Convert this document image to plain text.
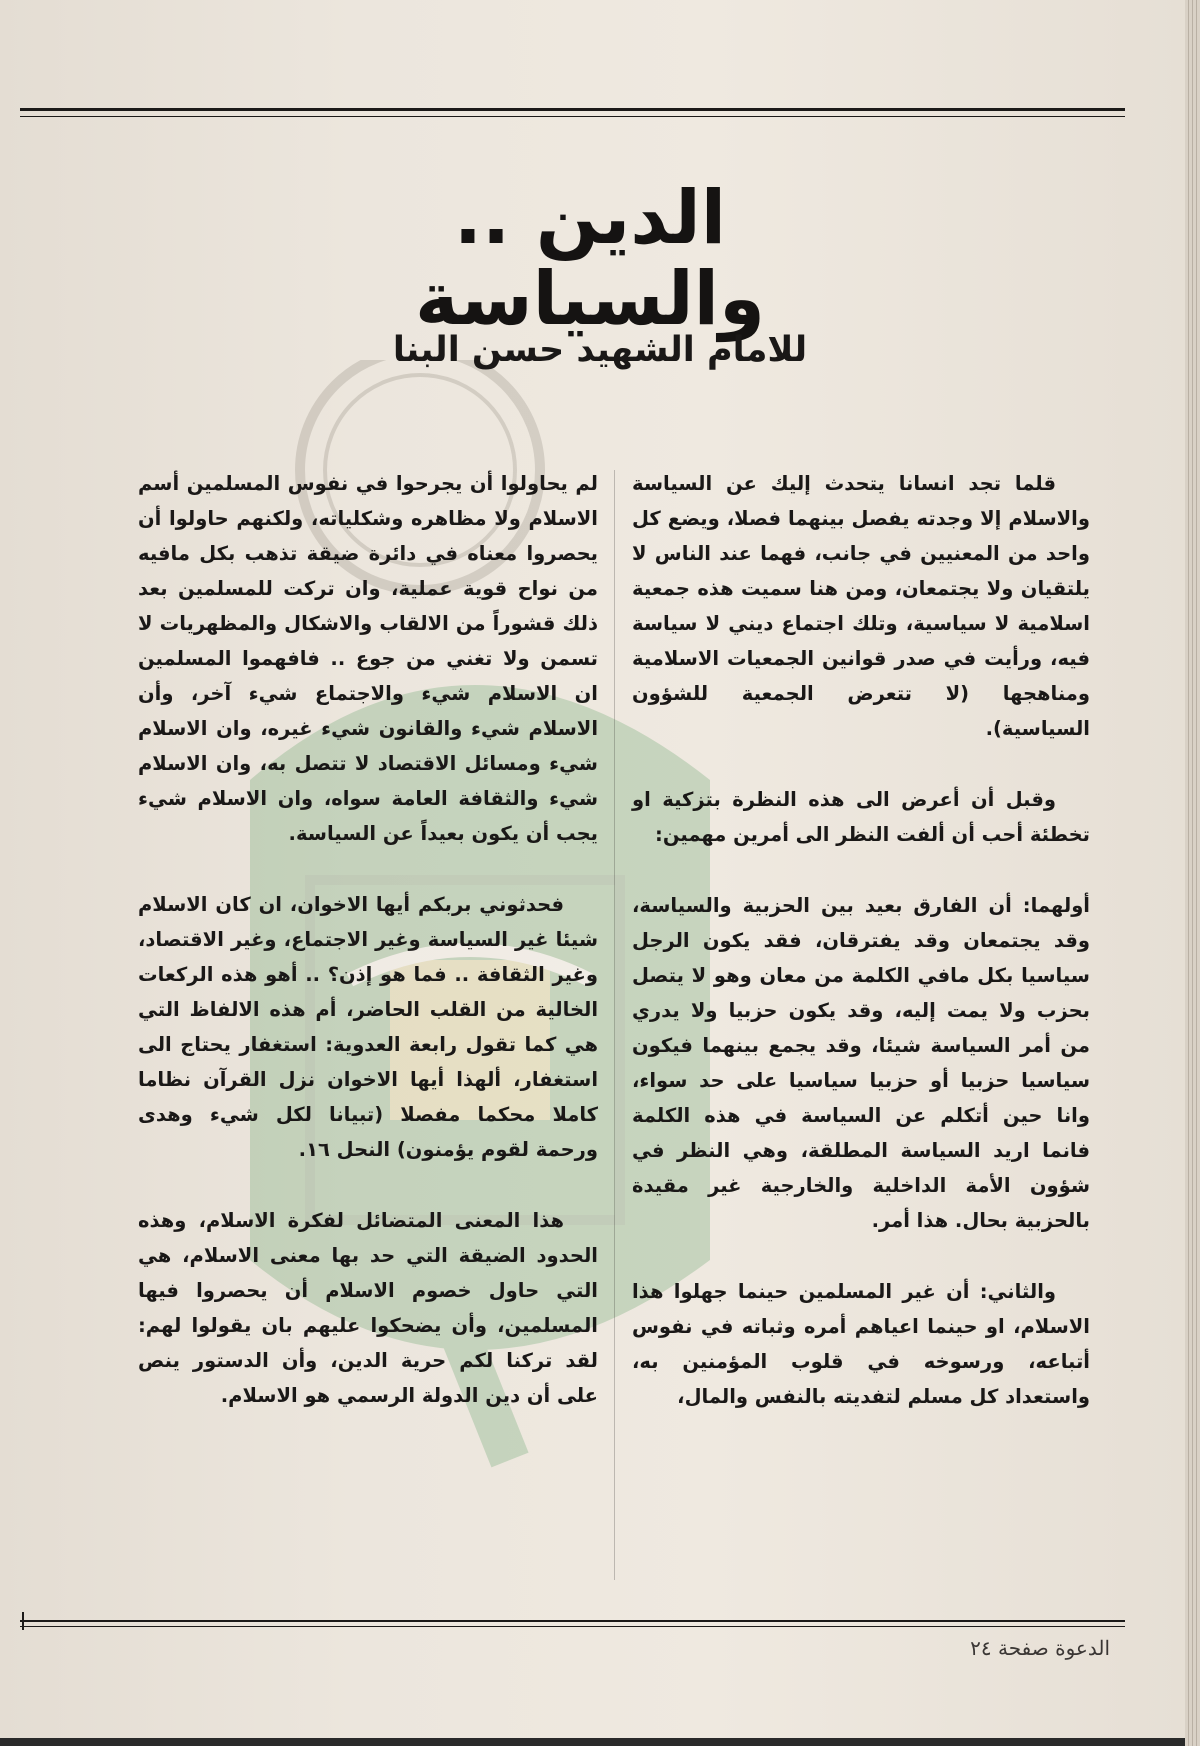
الدين .. والسياسة
للامام الشهيد حسن البنا

قلما تجد انسانا يتحدث إليك عن السياسة والاسلام إلا وجدته يفصل بينهما فصلا، ويضع كل واحد من المعنيين في جانب، فهما عند الناس لا يلتقيان ولا يجتمعان، ومن هنا سميت هذه جمعية اسلامية لا سياسية، وتلك اجتماع ديني لا سياسة فيه، ورأيت في صدر قوانين الجمعيات الاسلامية ومناهجها (لا تتعرض الجمعية للشؤون السياسية).

وقبل أن أعرض الى هذه النظرة بتزكية او تخطئة أحب أن ألفت النظر الى أمرين مهمين:

أولهما: أن الفارق بعيد بين الحزبية والسياسة، وقد يجتمعان وقد يفترقان، فقد يكون الرجل سياسيا بكل مافي الكلمة من معان وهو لا يتصل بحزب ولا يمت إليه، وقد يكون حزبيا ولا يدري من أمر السياسة شيئا، وقد يجمع بينهما فيكون سياسيا حزبيا أو حزبيا سياسيا على حد سواء، وانا حين أتكلم عن السياسة في هذه الكلمة فانما اريد السياسة المطلقة، وهي النظر في شؤون الأمة الداخلية والخارجية غير مقيدة بالحزبية بحال. هذا أمر.

والثاني: أن غير المسلمين حينما جهلوا هذا الاسلام، او حينما اعياهم أمره وثباته في نفوس أتباعه، ورسوخه في قلوب المؤمنين به، واستعداد كل مسلم لتفديته بالنفس والمال،

لم يحاولوا أن يجرحوا في نفوس المسلمين أسم الاسلام ولا مظاهره وشكلياته، ولكنهم حاولوا أن يحصروا معناه في دائرة ضيقة تذهب بكل مافيه من نواح قوية عملية، وان تركت للمسلمين بعد ذلك قشوراً من الالقاب والاشكال والمظهريات لا تسمن ولا تغني من جوع .. فافهموا المسلمين ان الاسلام شيء والاجتماع شيء آخر، وأن الاسلام شيء والقانون شيء غيره، وان الاسلام شيء ومسائل الاقتصاد لا تتصل به، وان الاسلام شيء والثقافة العامة سواه، وان الاسلام شيء يجب أن يكون بعيداً عن السياسة.

فحدثوني بربكم أيها الاخوان، ان كان الاسلام شيئا غير السياسة وغير الاجتماع، وغير الاقتصاد، وغير الثقافة .. فما هو إذن؟ .. أهو هذه الركعات الخالية من القلب الحاضر، أم هذه الالفاظ التي هي كما تقول رابعة العدوية: استغفار يحتاج الى استغفار، ألهذا أيها الاخوان نزل القرآن نظاما كاملا محكما مفصلا (تبيانا لكل شيء وهدى ورحمة لقوم يؤمنون) النحل ١٦.

هذا المعنى المتضائل لفكرة الاسلام، وهذه الحدود الضيقة التي حد بها معنى الاسلام، هي التي حاول خصوم الاسلام أن يحصروا فيها المسلمين، وأن يضحكوا عليهم بان يقولوا لهم: لقد تركنا لكم حرية الدين، وأن الدستور ينص على أن دين الدولة الرسمي هو الاسلام.

الدعوة صفحة ٢٤
